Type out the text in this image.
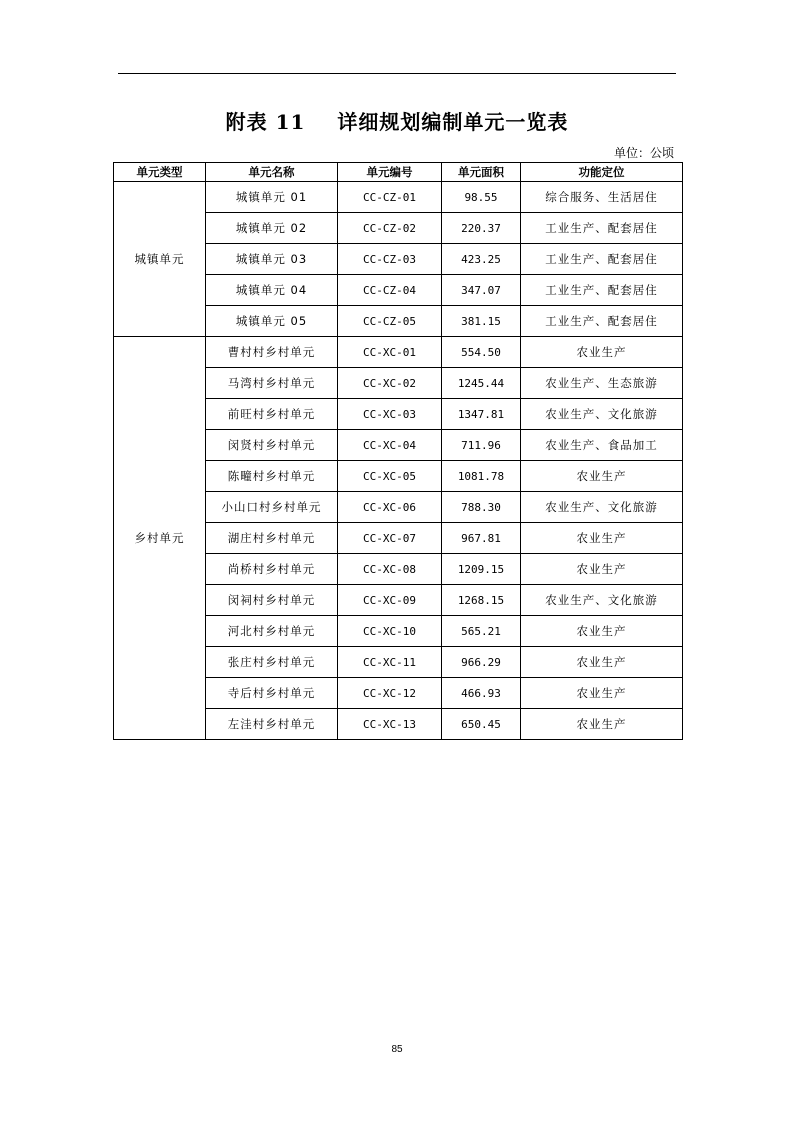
附表 11    详细规划编制单元一览表
单位：公顷
单元类型	单元名称	单元编号	单元面积	功能定位
城镇单元	城镇单元 01	CC-CZ-01	98.55	综合服务、生活居住
	城镇单元 02	CC-CZ-02	220.37	工业生产、配套居住
	城镇单元 03	CC-CZ-03	423.25	工业生产、配套居住
	城镇单元 04	CC-CZ-04	347.07	工业生产、配套居住
	城镇单元 05	CC-CZ-05	381.15	工业生产、配套居住
乡村单元	曹村村乡村单元	CC-XC-01	554.50	农业生产
	马湾村乡村单元	CC-XC-02	1245.44	农业生产、生态旅游
	前旺村乡村单元	CC-XC-03	1347.81	农业生产、文化旅游
	闵贤村乡村单元	CC-XC-04	711.96	农业生产、食品加工
	陈疃村乡村单元	CC-XC-05	1081.78	农业生产
	小山口村乡村单元	CC-XC-06	788.30	农业生产、文化旅游
	湖庄村乡村单元	CC-XC-07	967.81	农业生产
	尚桥村乡村单元	CC-XC-08	1209.15	农业生产
	闵祠村乡村单元	CC-XC-09	1268.15	农业生产、文化旅游
	河北村乡村单元	CC-XC-10	565.21	农业生产
	张庄村乡村单元	CC-XC-11	966.29	农业生产
	寺后村乡村单元	CC-XC-12	466.93	农业生产
	左洼村乡村单元	CC-XC-13	650.45	农业生产
85
